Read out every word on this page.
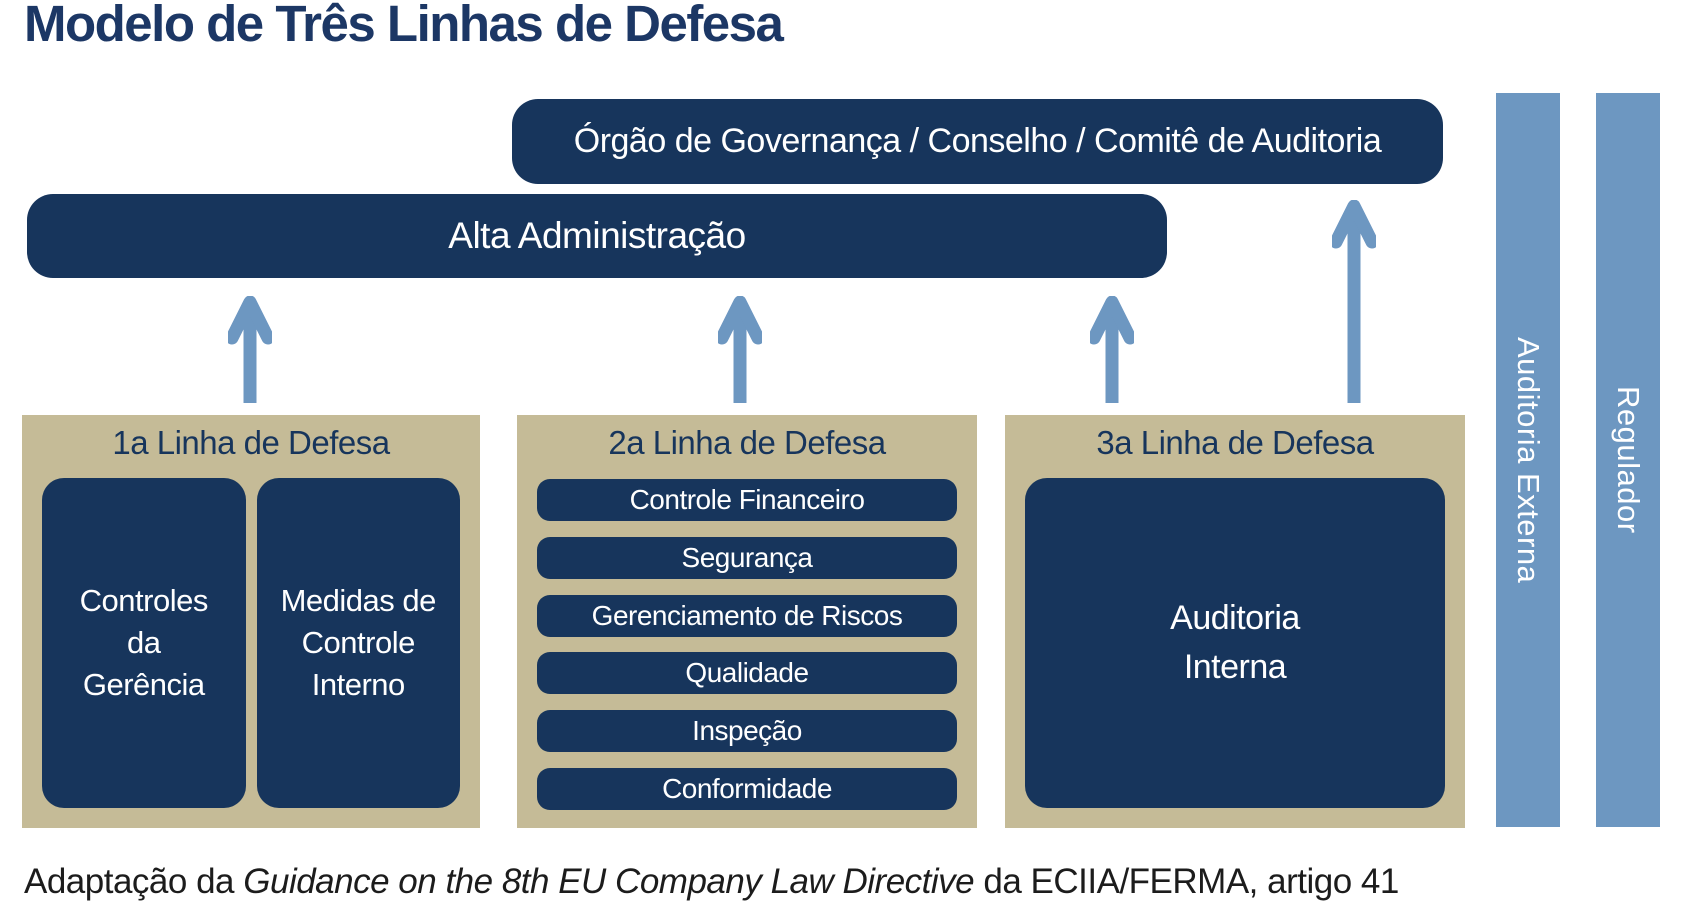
Modelo de Três Linhas de Defesa
Órgão de Governança / Conselho / Comitê de Auditoria
Alta Administração
1a Linha de Defesa
Controles da Gerência
Medidas de Controle Interno
2a Linha de Defesa
Controle Financeiro
Segurança
Gerenciamento de Riscos
Qualidade
Inspeção
Conformidade
3a Linha de Defesa
Auditoria Interna
Auditoria Externa Regulador

Adaptação da Guidance on the 8th EU Company Law Directive da ECIIA/FERMA, artigo 41
